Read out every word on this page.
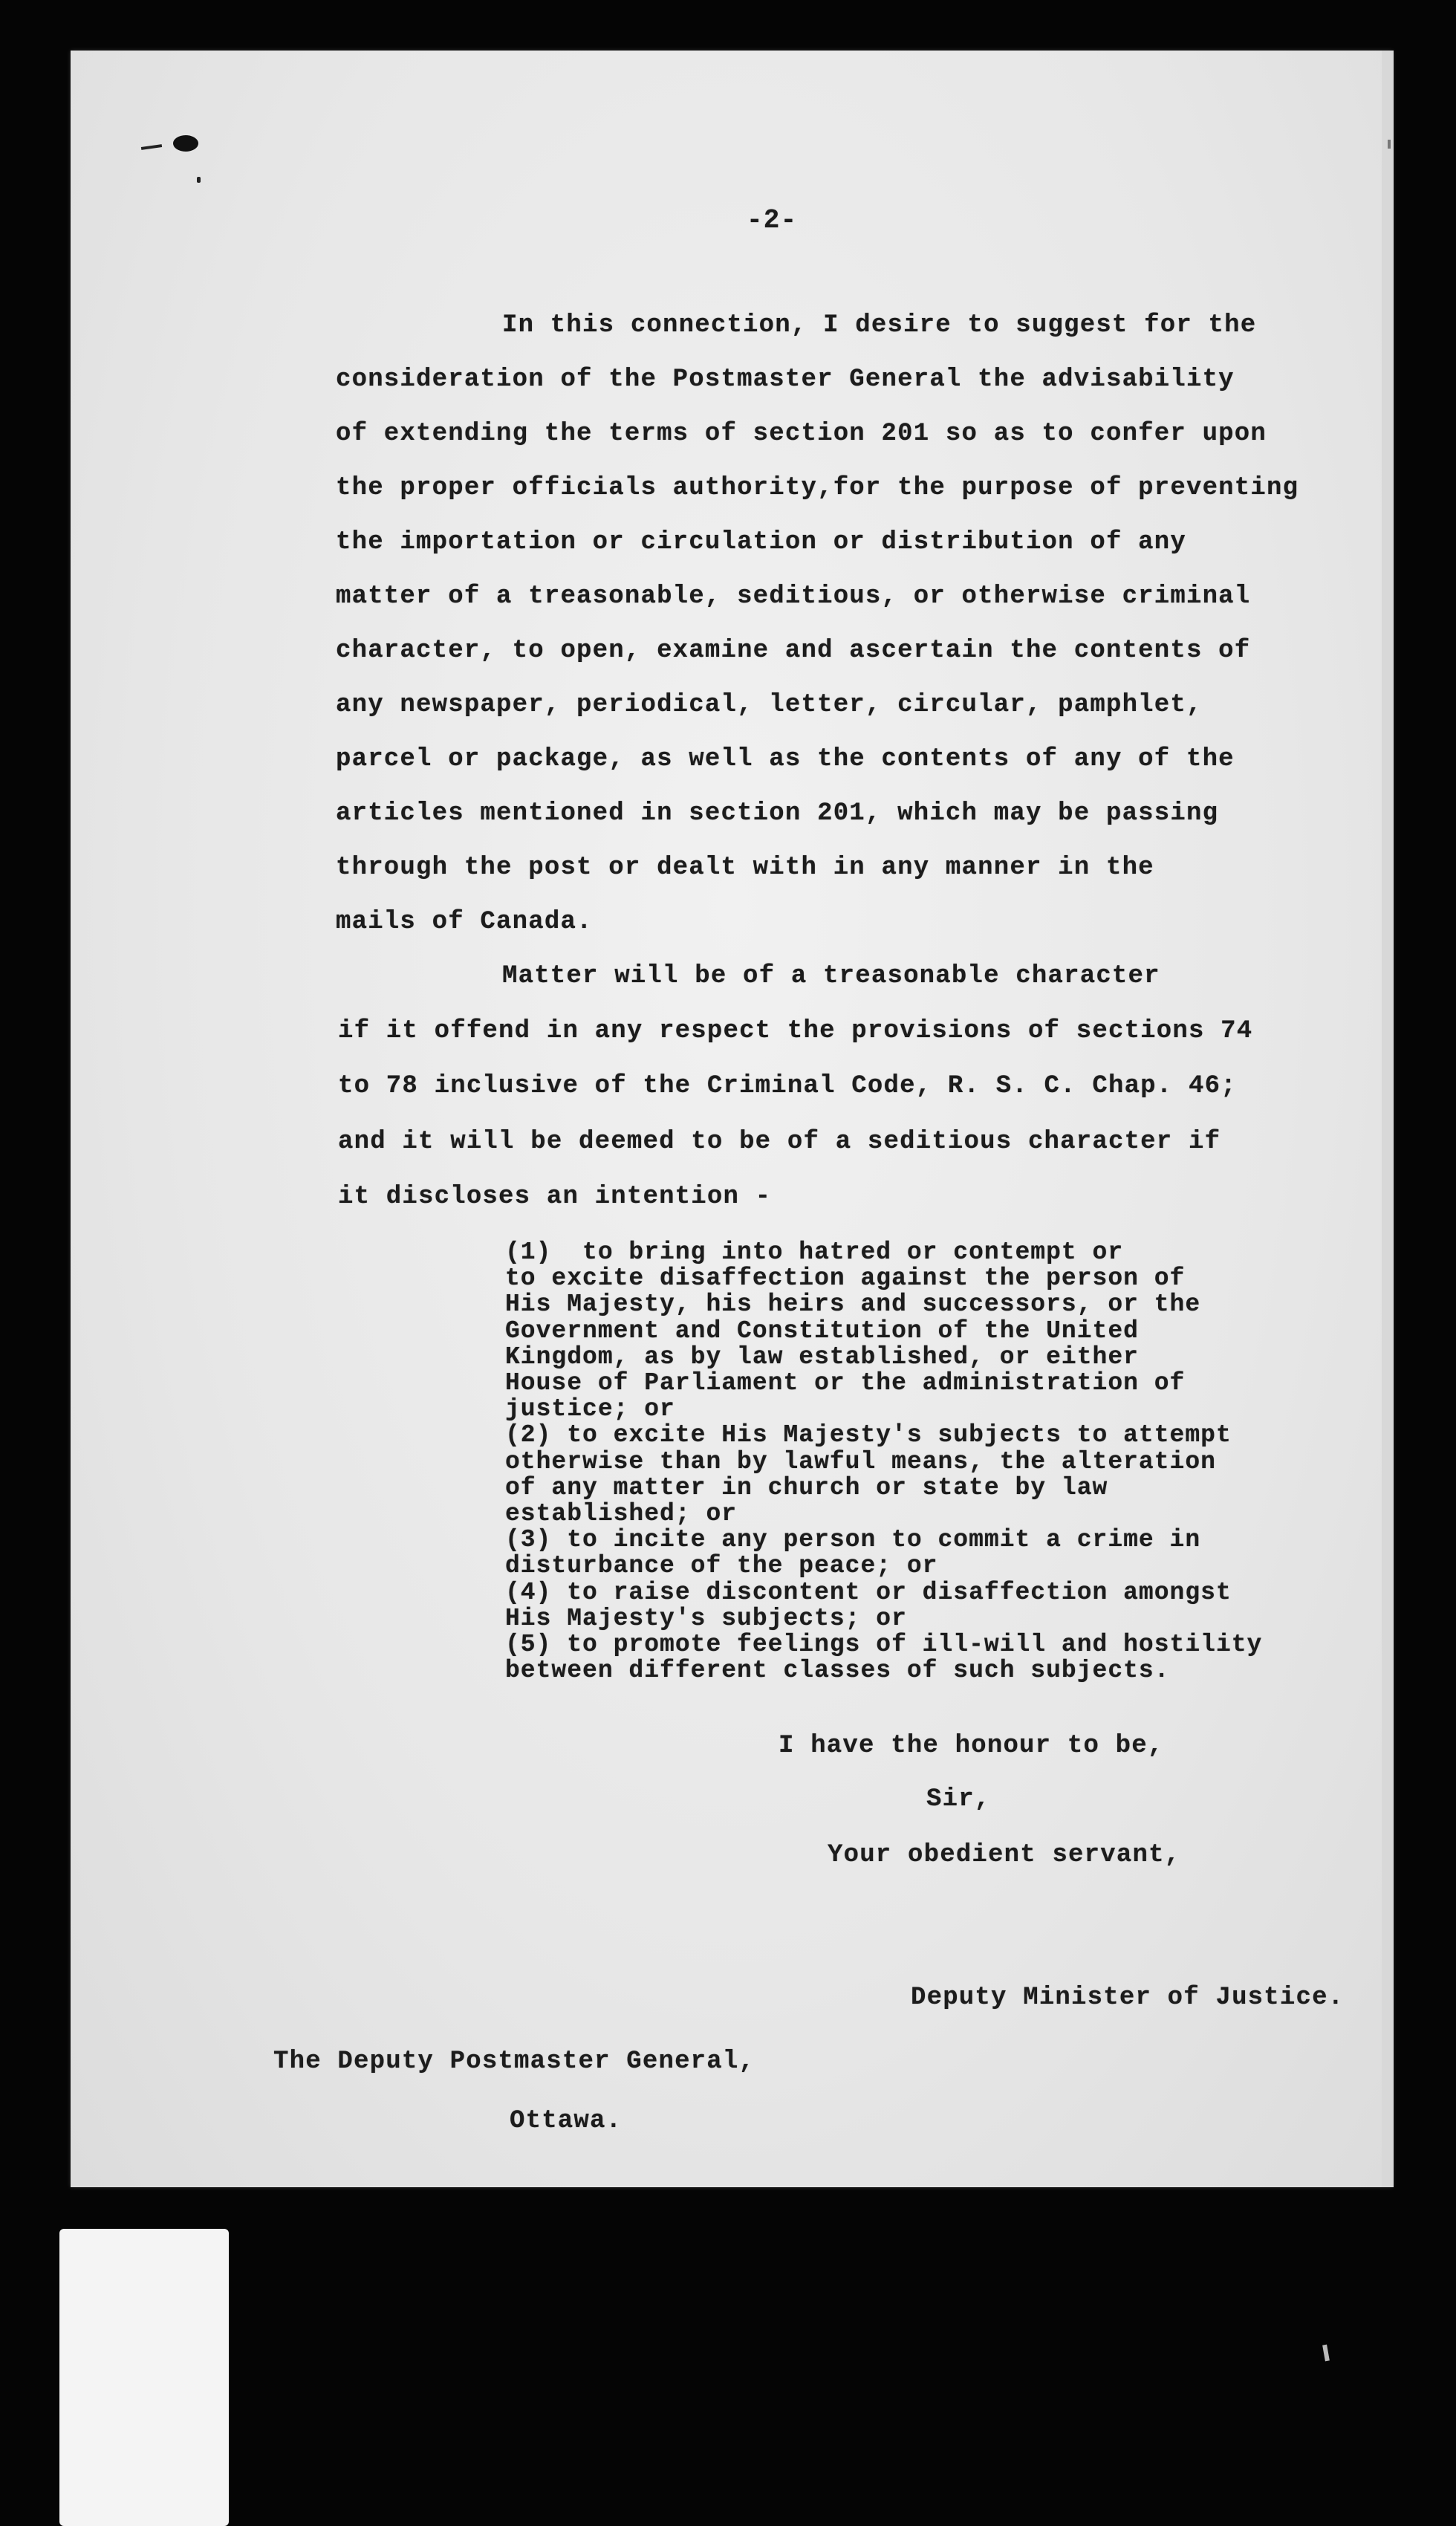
-2-
In this connection, I desire to suggest for the
consideration of the Postmaster General the advisability
of extending the terms of section 201 so as to confer upon
the proper officials authority,for the purpose of preventing
the importation or circulation or distribution of any
matter of a treasonable, seditious, or otherwise criminal
character, to open, examine and ascertain the contents of
any newspaper, periodical, letter, circular, pamphlet,
parcel or package, as well as the contents of any of the
articles mentioned in section 201, which may be passing
through the post or dealt with in any manner in the
mails of Canada.
Matter will be of a treasonable character
if it offend in any respect the provisions of sections 74
to 78 inclusive of the Criminal Code, R. S. C. Chap. 46;
and it will be deemed to be of a seditious character if
it discloses an intention -
(1)  to bring into hatred or contempt or
to excite disaffection against the person of
His Majesty, his heirs and successors, or the
Government and Constitution of the United
Kingdom, as by law established, or either
House of Parliament or the administration of
justice; or
(2) to excite His Majesty's subjects to attempt
otherwise than by lawful means, the alteration
of any matter in church or state by law
established; or
(3) to incite any person to commit a crime in
disturbance of the peace; or
(4) to raise discontent or disaffection amongst
His Majesty's subjects; or
(5) to promote feelings of ill-will and hostility
between different classes of such subjects.
I have the honour to be,
Sir,
Your obedient servant,
Deputy Minister of Justice.
The Deputy Postmaster General,
Ottawa.
